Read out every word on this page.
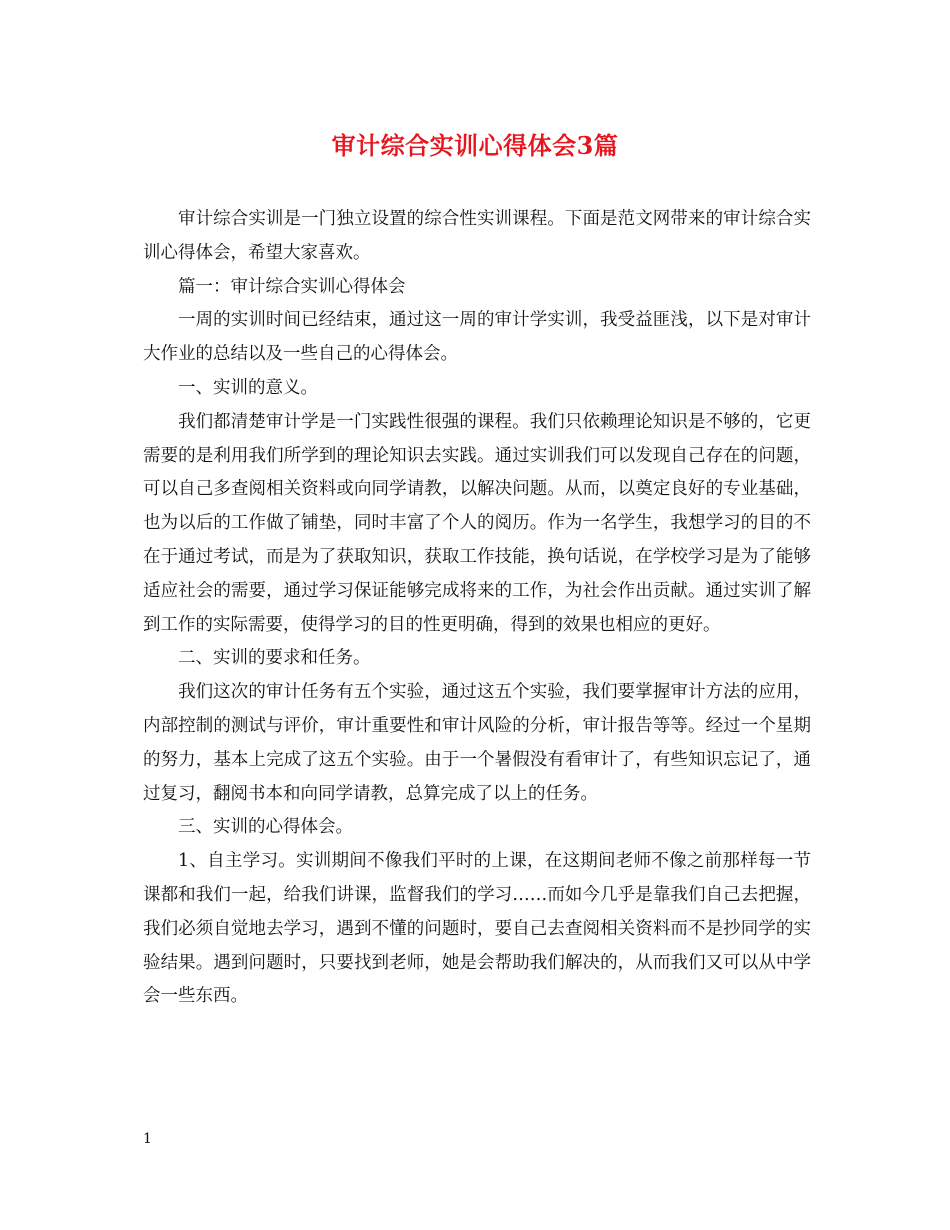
审计综合实训心得体会3篇

审计综合实训是一门独立设置的综合性实训课程。下面是范文网带来的审计综合实训心得体会，希望大家喜欢。

篇一：审计综合实训心得体会

一周的实训时间已经结束，通过这一周的审计学实训，我受益匪浅，以下是对审计大作业的总结以及一些自己的心得体会。

一、实训的意义。

我们都清楚审计学是一门实践性很强的课程。我们只依赖理论知识是不够的，它更需要的是利用我们所学到的理论知识去实践。通过实训我们可以发现自己存在的问题，可以自己多查阅相关资料或向同学请教，以解决问题。从而，以奠定良好的专业基础，也为以后的工作做了铺垫，同时丰富了个人的阅历。作为一名学生，我想学习的目的不在于通过考试，而是为了获取知识，获取工作技能，换句话说，在学校学习是为了能够适应社会的需要，通过学习保证能够完成将来的工作，为社会作出贡献。通过实训了解到工作的实际需要，使得学习的目的性更明确，得到的效果也相应的更好。

二、实训的要求和任务。

我们这次的审计任务有五个实验，通过这五个实验，我们要掌握审计方法的应用，内部控制的测试与评价，审计重要性和审计风险的分析，审计报告等等。经过一个星期的努力，基本上完成了这五个实验。由于一个暑假没有看审计了，有些知识忘记了，通过复习，翻阅书本和向同学请教，总算完成了以上的任务。

三、实训的心得体会。

1、自主学习。实训期间不像我们平时的上课，在这期间老师不像之前那样每一节课都和我们一起，给我们讲课，监督我们的学习……而如今几乎是靠我们自己去把握，我们必须自觉地去学习，遇到不懂的问题时，要自己去查阅相关资料而不是抄同学的实验结果。遇到问题时，只要找到老师，她是会帮助我们解决的，从而我们又可以从中学会一些东西。

1
